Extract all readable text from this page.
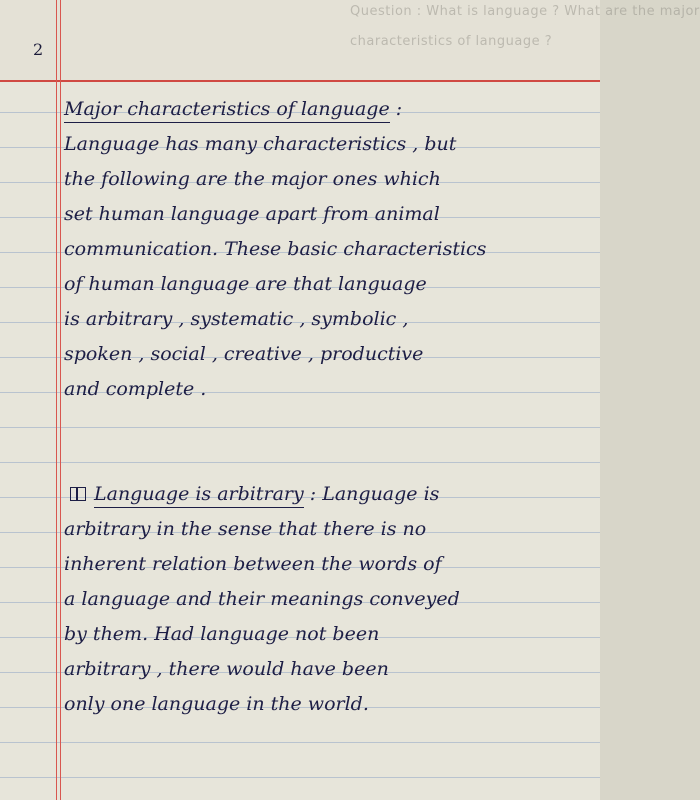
Question : What is language ? What are the major
characteristics of language ?
2
Major characteristics of language :
Language has many characteristics , but
the following are the major ones which
set human language apart from animal
communication. These basic characteristics
of human language are that language
is arbitrary , systematic , symbolic ,
spoken , social , creative , productive
and complete .
Language is arbitrary : Language is
arbitrary in the sense that there is no
inherent relation between the words of
a language and their meanings conveyed
by them. Had language not been
arbitrary , there would have been
only one language in the world.
